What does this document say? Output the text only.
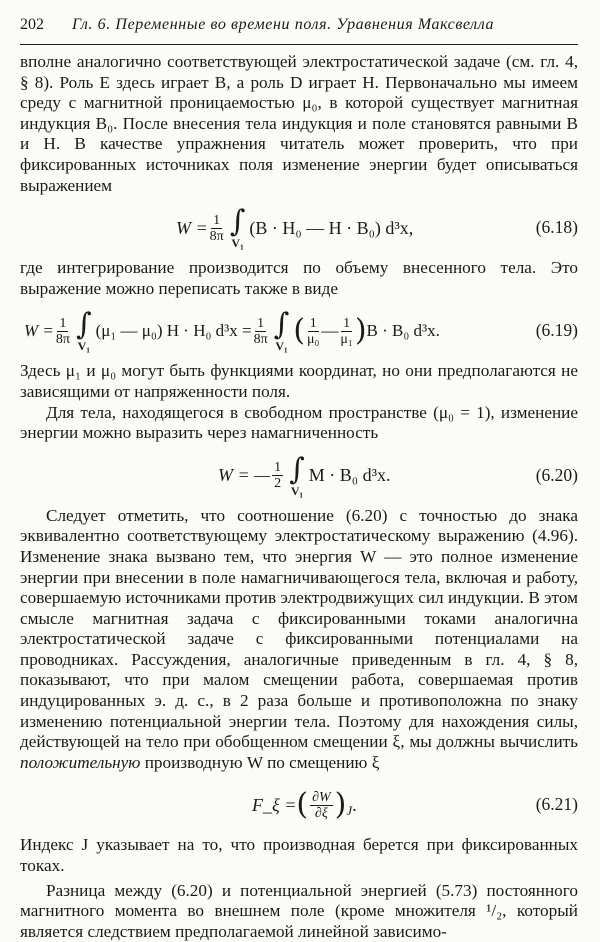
202 Гл. 6. Переменные во времени поля. Уравнения Максвелла

вполне аналогично соответствующей электростатической задаче (см. гл. 4, § 8). Роль E здесь играет B, а роль D играет H. Первоначально мы имеем среду с магнитной проницаемостью μ₀, в которой существует магнитная индукция B₀. После внесения тела индукция и поле становятся равными B и H. В качестве упражнения читатель может проверить, что при фиксированных источниках поля изменение энергии будет описываться выражением

$W = \frac{1}{8\pi}$ ∫
V₁
(B · H₀ — H · B₀) d³x,	(6.18)

где интегрирование производится по объему внесенного тела. Это выражение можно переписать также в виде

$W = \frac{1}{8\pi}$ ∫
V₁
(μ₁ — μ₀) H · H₀ $d^3x = \frac{1}{8\pi}$ ∫
V₁ ( $\frac{1}{\text{μ₀}}$ — $\frac{1}{\text{μ₁}}$ ) B · B₀ d³x.	(6.19)

Здесь μ₁ и μ₀ могут быть функциями координат, но они предполагаются не зависящими от напряженности поля.

Для тела, находящегося в свободном пространстве (μ₀ = 1), изменение энергии можно выразить через намагниченность

W = — $\frac{1}{2}$ ∫
V₁
M · B₀ d³x.	(6.20)

Следует отметить, что соотношение (6.20) с точностью до знака эквивалентно соответствующему электростатическому выражению (4.96). Изменение знака вызвано тем, что энергия W — это полное изменение энергии при внесении в поле намагничивающегося тела, включая и работу, совершаемую источниками против электродвижущих сил индукции. В этом смысле магнитная задача с фиксированными токами аналогична электростатической задаче с фиксированными потенциалами на проводниках. Рассуждения, аналогичные приведенным в гл. 4, § 8, показывают, что при малом смещении работа, совершаемая против индуцированных э. д. с., в 2 раза больше и противоположна по знаку изменению потенциальной энергии тела. Поэтому для нахождения силы, действующей на тело при обобщенном смещении ξ, мы должны вычислить положительную производную W по смещению ξ

F_ξ = ( $\frac{\partial W}{\partial\xi}$ ) J .	(6.21)

Индекс J указывает на то, что производная берется при фиксированных токах.

Разница между (6.20) и потенциальной энергией (5.73) постоянного магнитного момента во внешнем поле (кроме множителя ¹/₂, который является следствием предполагаемой линейной зависимо-
